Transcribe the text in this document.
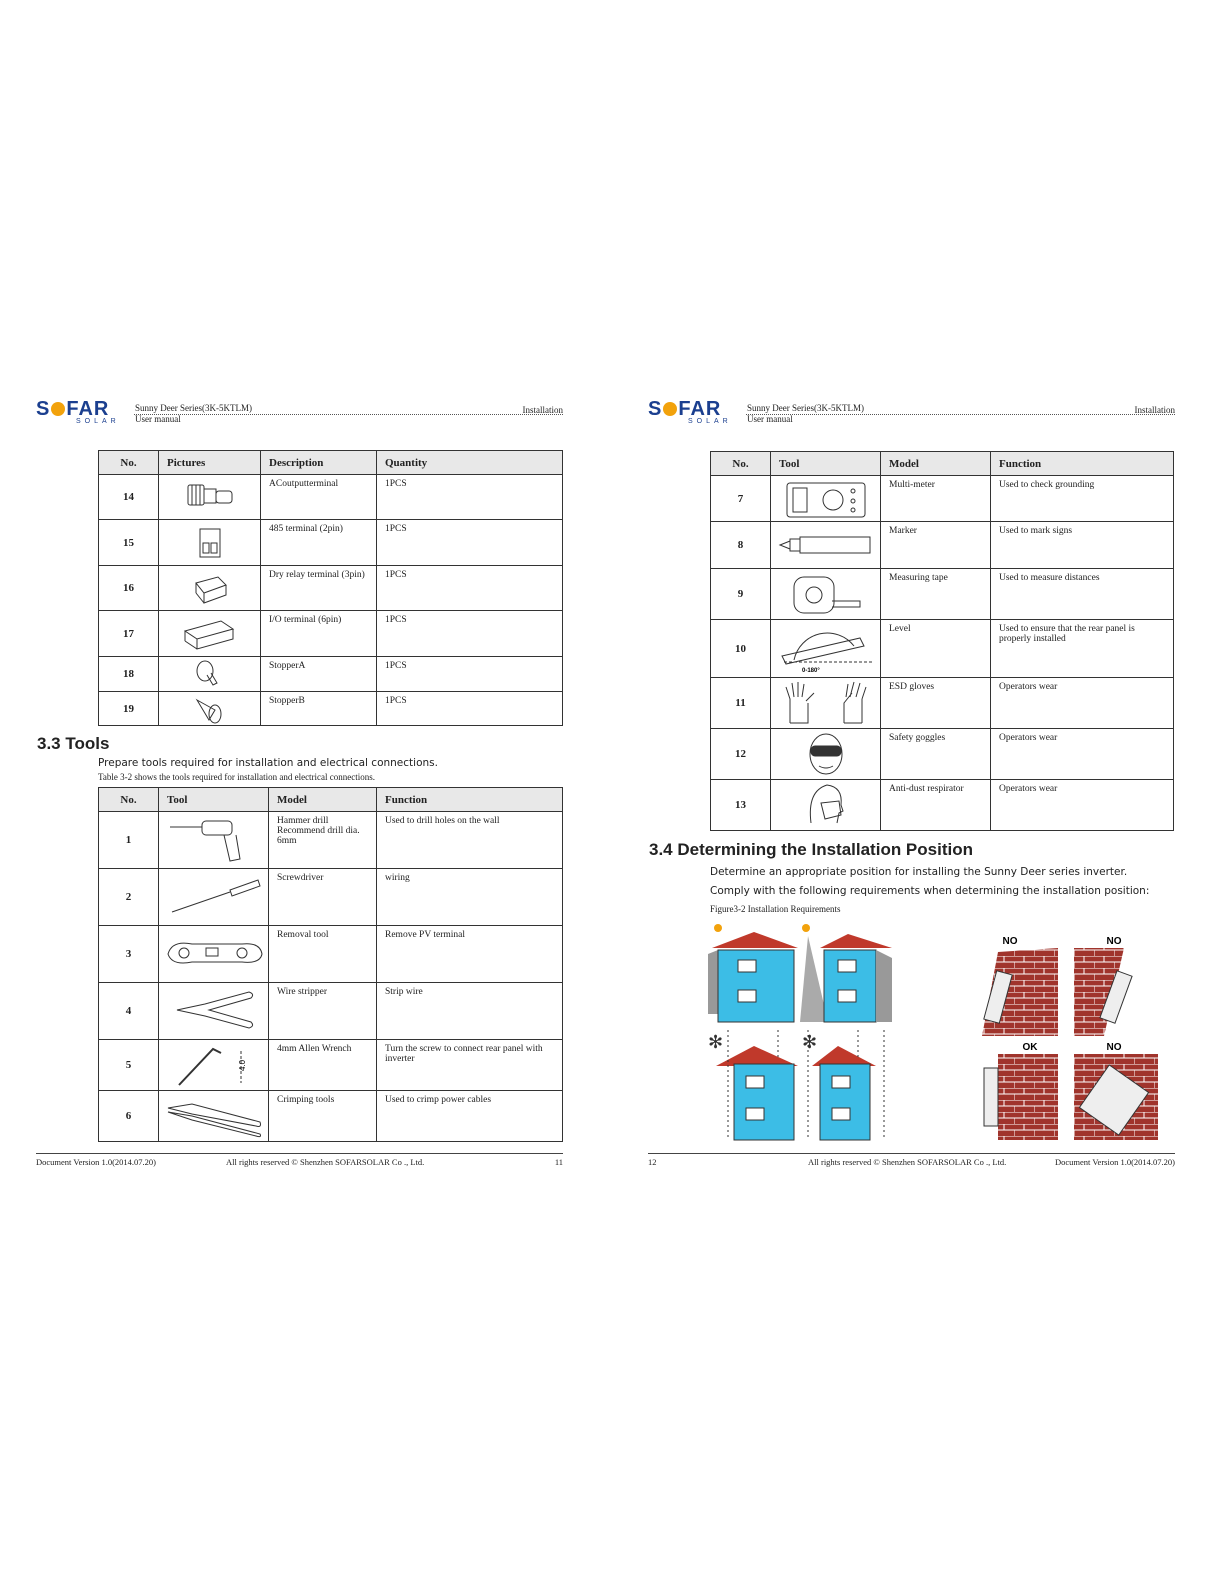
S FAR
SOLAR
Sunny Deer Series(3K-5KTLM)
User manual
Installation
No.	Pictures	Description	Quantity
14		ACoutputterminal	1PCS
15		485 terminal (2pin)	1PCS
16		Dry relay terminal (3pin)	1PCS
17		I/O terminal (6pin)	1PCS
18		StopperA	1PCS
19		StopperB	1PCS
3.3 Tools
Prepare tools required for installation and electrical connections.
Table 3-2 shows the tools required for installation and electrical connections.
No.	Tool	Model	Function
1		Hammer drill
Recommend drill dia.
6mm	Used to drill holes on the wall
2		Screwdriver	wiring
3		Removal tool	Remove PV terminal
4		Wire stripper	Strip wire
5	4.0	4mm Allen Wrench	Turn the screw to connect rear panel with inverter
6		Crimping tools	Used to crimp power cables
Document Version 1.0(2014.07.20)	All rights reserved © Shenzhen SOFARSOLAR Co ., Ltd.	11
S FAR
SOLAR
Sunny Deer Series(3K-5KTLM)
User manual
Installation
No.	Tool	Model	Function
7		Multi-meter	Used to check grounding
8		Marker	Used to mark signs
9		Measuring tape	Used to measure distances
10	0-180°	Level	Used to ensure that the rear panel is properly installed
11		ESD gloves	Operators wear
12		Safety goggles	Operators wear
13		Anti-dust respirator	Operators wear
3.4 Determining the Installation Position
Determine an appropriate position for installing the Sunny Deer series inverter.
Comply with the following requirements when determining the installation position:
Figure3-2 Installation Requirements
✻	✻
NO	NO
OK	NO
12	All rights reserved © Shenzhen SOFARSOLAR Co ., Ltd.	Document Version 1.0(2014.07.20)
